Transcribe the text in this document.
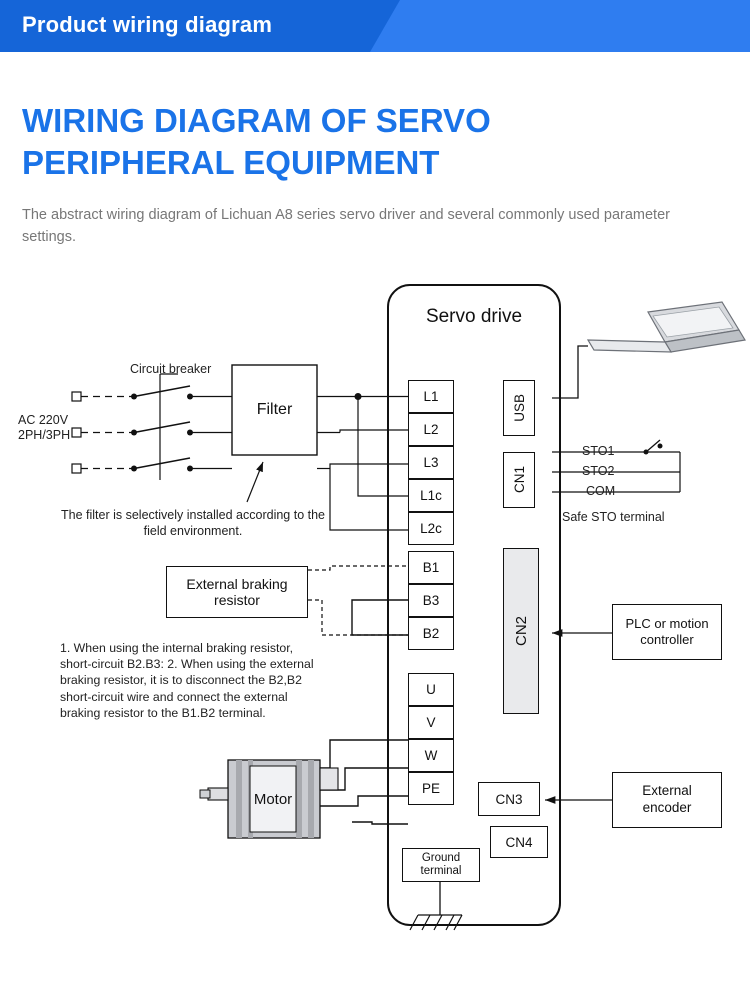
Product wiring diagram
WIRING DIAGRAM OF SERVO PERIPHERAL EQUIPMENT
The abstract wiring diagram of Lichuan A8 series servo driver and several commonly used parameter settings.
Servo drive
AC 220V
2PH/3PH
Circuit breaker
Filter
The filter is selectively installed according to the field environment.
External braking resistor
1. When using the internal braking resistor, short-circuit B2.B3: 2. When using the external braking resistor, it is to disconnect the B2,B2 short-circuit wire and connect the external braking resistor to the B1.B2 terminal.
Motor
L1
L2
L3
L1c
L2c
B1
B3
B2
U
V
W
PE
USB
CN1
CN2
CN3
CN4
Ground
terminal
STO1
STO2
COM
Safe STO terminal
PLC or motion
controller
External
encoder
